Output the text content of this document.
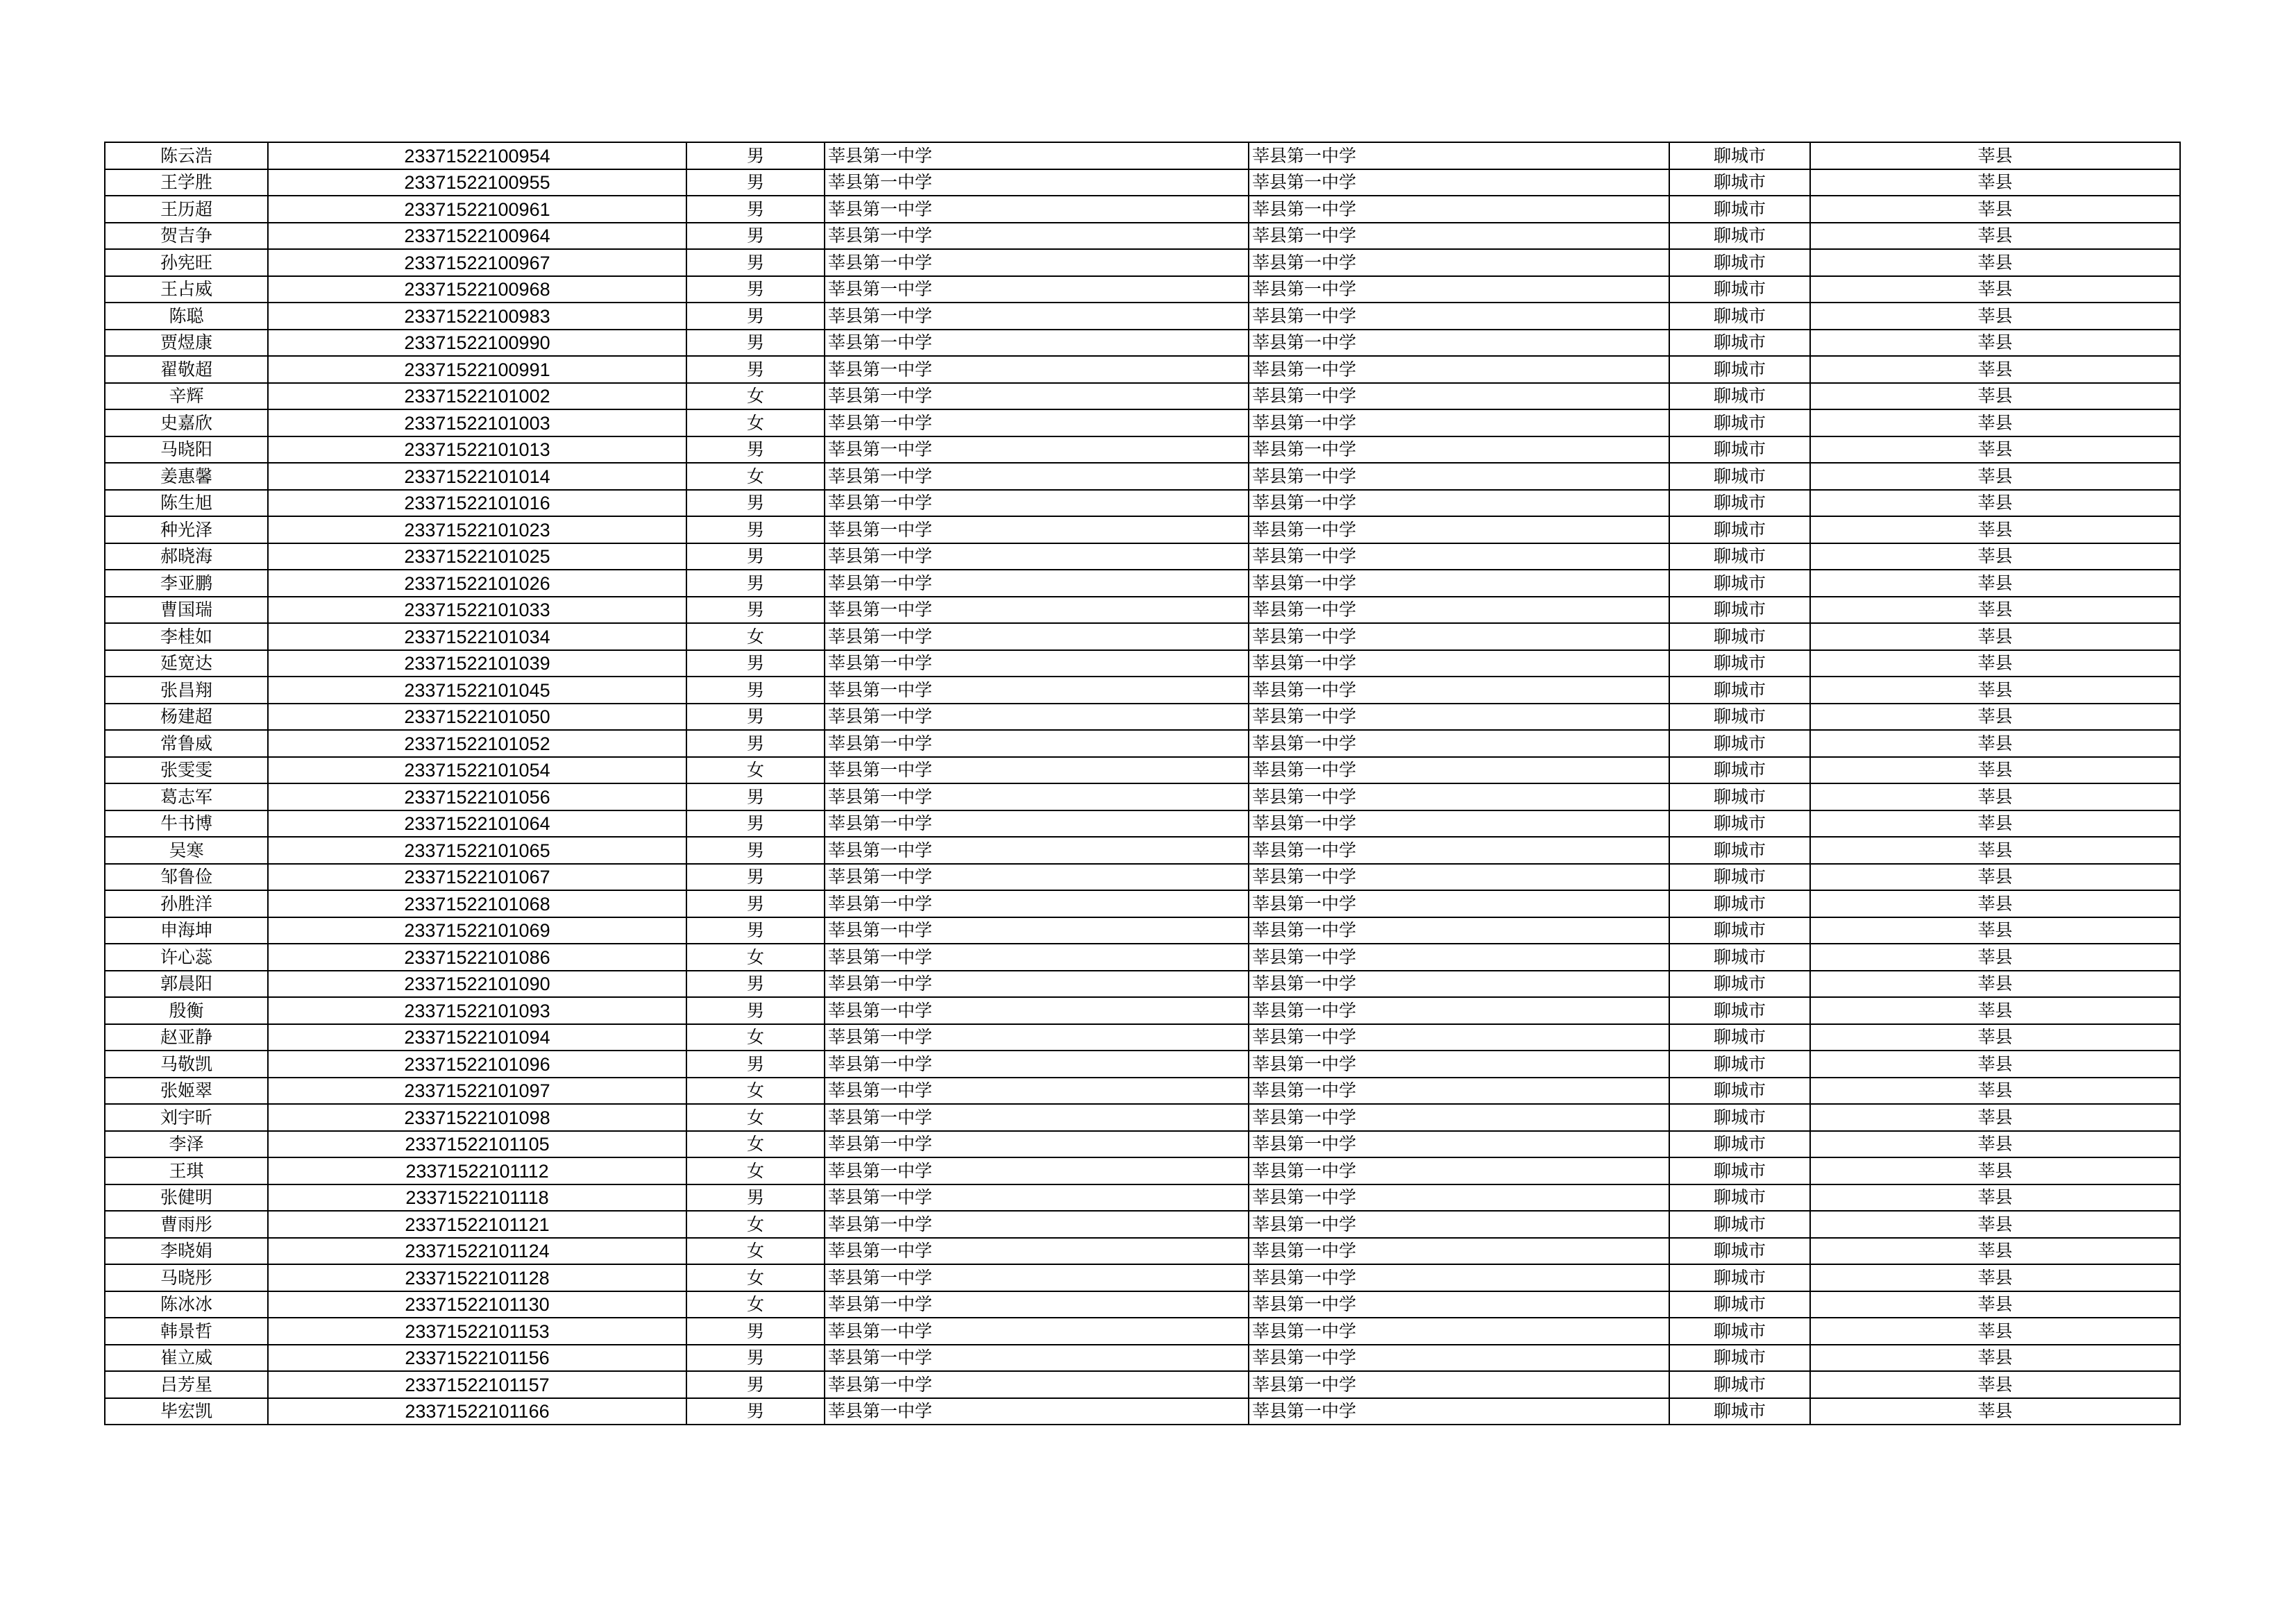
陈云浩	23371522100954	男	莘县第一中学	莘县第一中学	聊城市	莘县
王学胜	23371522100955	男	莘县第一中学	莘县第一中学	聊城市	莘县
王历超	23371522100961	男	莘县第一中学	莘县第一中学	聊城市	莘县
贺吉争	23371522100964	男	莘县第一中学	莘县第一中学	聊城市	莘县
孙宪旺	23371522100967	男	莘县第一中学	莘县第一中学	聊城市	莘县
王占威	23371522100968	男	莘县第一中学	莘县第一中学	聊城市	莘县
陈聪	23371522100983	男	莘县第一中学	莘县第一中学	聊城市	莘县
贾煜康	23371522100990	男	莘县第一中学	莘县第一中学	聊城市	莘县
翟敬超	23371522100991	男	莘县第一中学	莘县第一中学	聊城市	莘县
辛辉	23371522101002	女	莘县第一中学	莘县第一中学	聊城市	莘县
史嘉欣	23371522101003	女	莘县第一中学	莘县第一中学	聊城市	莘县
马晓阳	23371522101013	男	莘县第一中学	莘县第一中学	聊城市	莘县
姜惠馨	23371522101014	女	莘县第一中学	莘县第一中学	聊城市	莘县
陈生旭	23371522101016	男	莘县第一中学	莘县第一中学	聊城市	莘县
种光泽	23371522101023	男	莘县第一中学	莘县第一中学	聊城市	莘县
郝晓海	23371522101025	男	莘县第一中学	莘县第一中学	聊城市	莘县
李亚鹏	23371522101026	男	莘县第一中学	莘县第一中学	聊城市	莘县
曹国瑞	23371522101033	男	莘县第一中学	莘县第一中学	聊城市	莘县
李桂如	23371522101034	女	莘县第一中学	莘县第一中学	聊城市	莘县
延宽达	23371522101039	男	莘县第一中学	莘县第一中学	聊城市	莘县
张昌翔	23371522101045	男	莘县第一中学	莘县第一中学	聊城市	莘县
杨建超	23371522101050	男	莘县第一中学	莘县第一中学	聊城市	莘县
常鲁威	23371522101052	男	莘县第一中学	莘县第一中学	聊城市	莘县
张雯雯	23371522101054	女	莘县第一中学	莘县第一中学	聊城市	莘县
葛志军	23371522101056	男	莘县第一中学	莘县第一中学	聊城市	莘县
牛书博	23371522101064	男	莘县第一中学	莘县第一中学	聊城市	莘县
吴寒	23371522101065	男	莘县第一中学	莘县第一中学	聊城市	莘县
邹鲁俭	23371522101067	男	莘县第一中学	莘县第一中学	聊城市	莘县
孙胜洋	23371522101068	男	莘县第一中学	莘县第一中学	聊城市	莘县
申海坤	23371522101069	男	莘县第一中学	莘县第一中学	聊城市	莘县
许心蕊	23371522101086	女	莘县第一中学	莘县第一中学	聊城市	莘县
郭晨阳	23371522101090	男	莘县第一中学	莘县第一中学	聊城市	莘县
殷衡	23371522101093	男	莘县第一中学	莘县第一中学	聊城市	莘县
赵亚静	23371522101094	女	莘县第一中学	莘县第一中学	聊城市	莘县
马敬凯	23371522101096	男	莘县第一中学	莘县第一中学	聊城市	莘县
张姬翠	23371522101097	女	莘县第一中学	莘县第一中学	聊城市	莘县
刘宇昕	23371522101098	女	莘县第一中学	莘县第一中学	聊城市	莘县
李泽	23371522101105	女	莘县第一中学	莘县第一中学	聊城市	莘县
王琪	23371522101112	女	莘县第一中学	莘县第一中学	聊城市	莘县
张健明	23371522101118	男	莘县第一中学	莘县第一中学	聊城市	莘县
曹雨彤	23371522101121	女	莘县第一中学	莘县第一中学	聊城市	莘县
李晓娟	23371522101124	女	莘县第一中学	莘县第一中学	聊城市	莘县
马晓彤	23371522101128	女	莘县第一中学	莘县第一中学	聊城市	莘县
陈冰冰	23371522101130	女	莘县第一中学	莘县第一中学	聊城市	莘县
韩景哲	23371522101153	男	莘县第一中学	莘县第一中学	聊城市	莘县
崔立威	23371522101156	男	莘县第一中学	莘县第一中学	聊城市	莘县
吕芳星	23371522101157	男	莘县第一中学	莘县第一中学	聊城市	莘县
毕宏凯	23371522101166	男	莘县第一中学	莘县第一中学	聊城市	莘县
